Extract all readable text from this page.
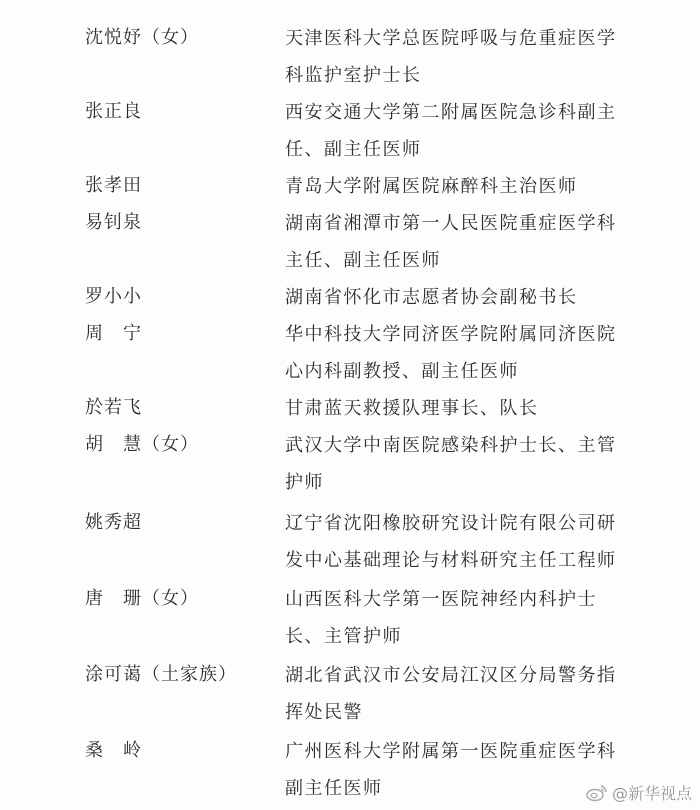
沈悦妤（女）	天津医科大学总医院呼吸与危重症医学
科监护室护士长
张正良	西安交通大学第二附属医院急诊科副主
任、副主任医师
张孝田	青岛大学附属医院麻醉科主治医师
易钊泉	湖南省湘潭市第一人民医院重症医学科
主任、副主任医师
罗小小	湖南省怀化市志愿者协会副秘书长
周　宁	华中科技大学同济医学院附属同济医院
心内科副教授、副主任医师
於若飞	甘肃蓝天救援队理事长、队长
胡　慧（女）	武汉大学中南医院感染科护士长、主管
护师
姚秀超	辽宁省沈阳橡胶研究设计院有限公司研
发中心基础理论与材料研究主任工程师
唐　珊（女）	山西医科大学第一医院神经内科护士
长、主管护师
涂可蔼（土家族）	湖北省武汉市公安局江汉区分局警务指
挥处民警
桑　岭	广州医科大学附属第一医院重症医学科
副主任医师	@新华视点
